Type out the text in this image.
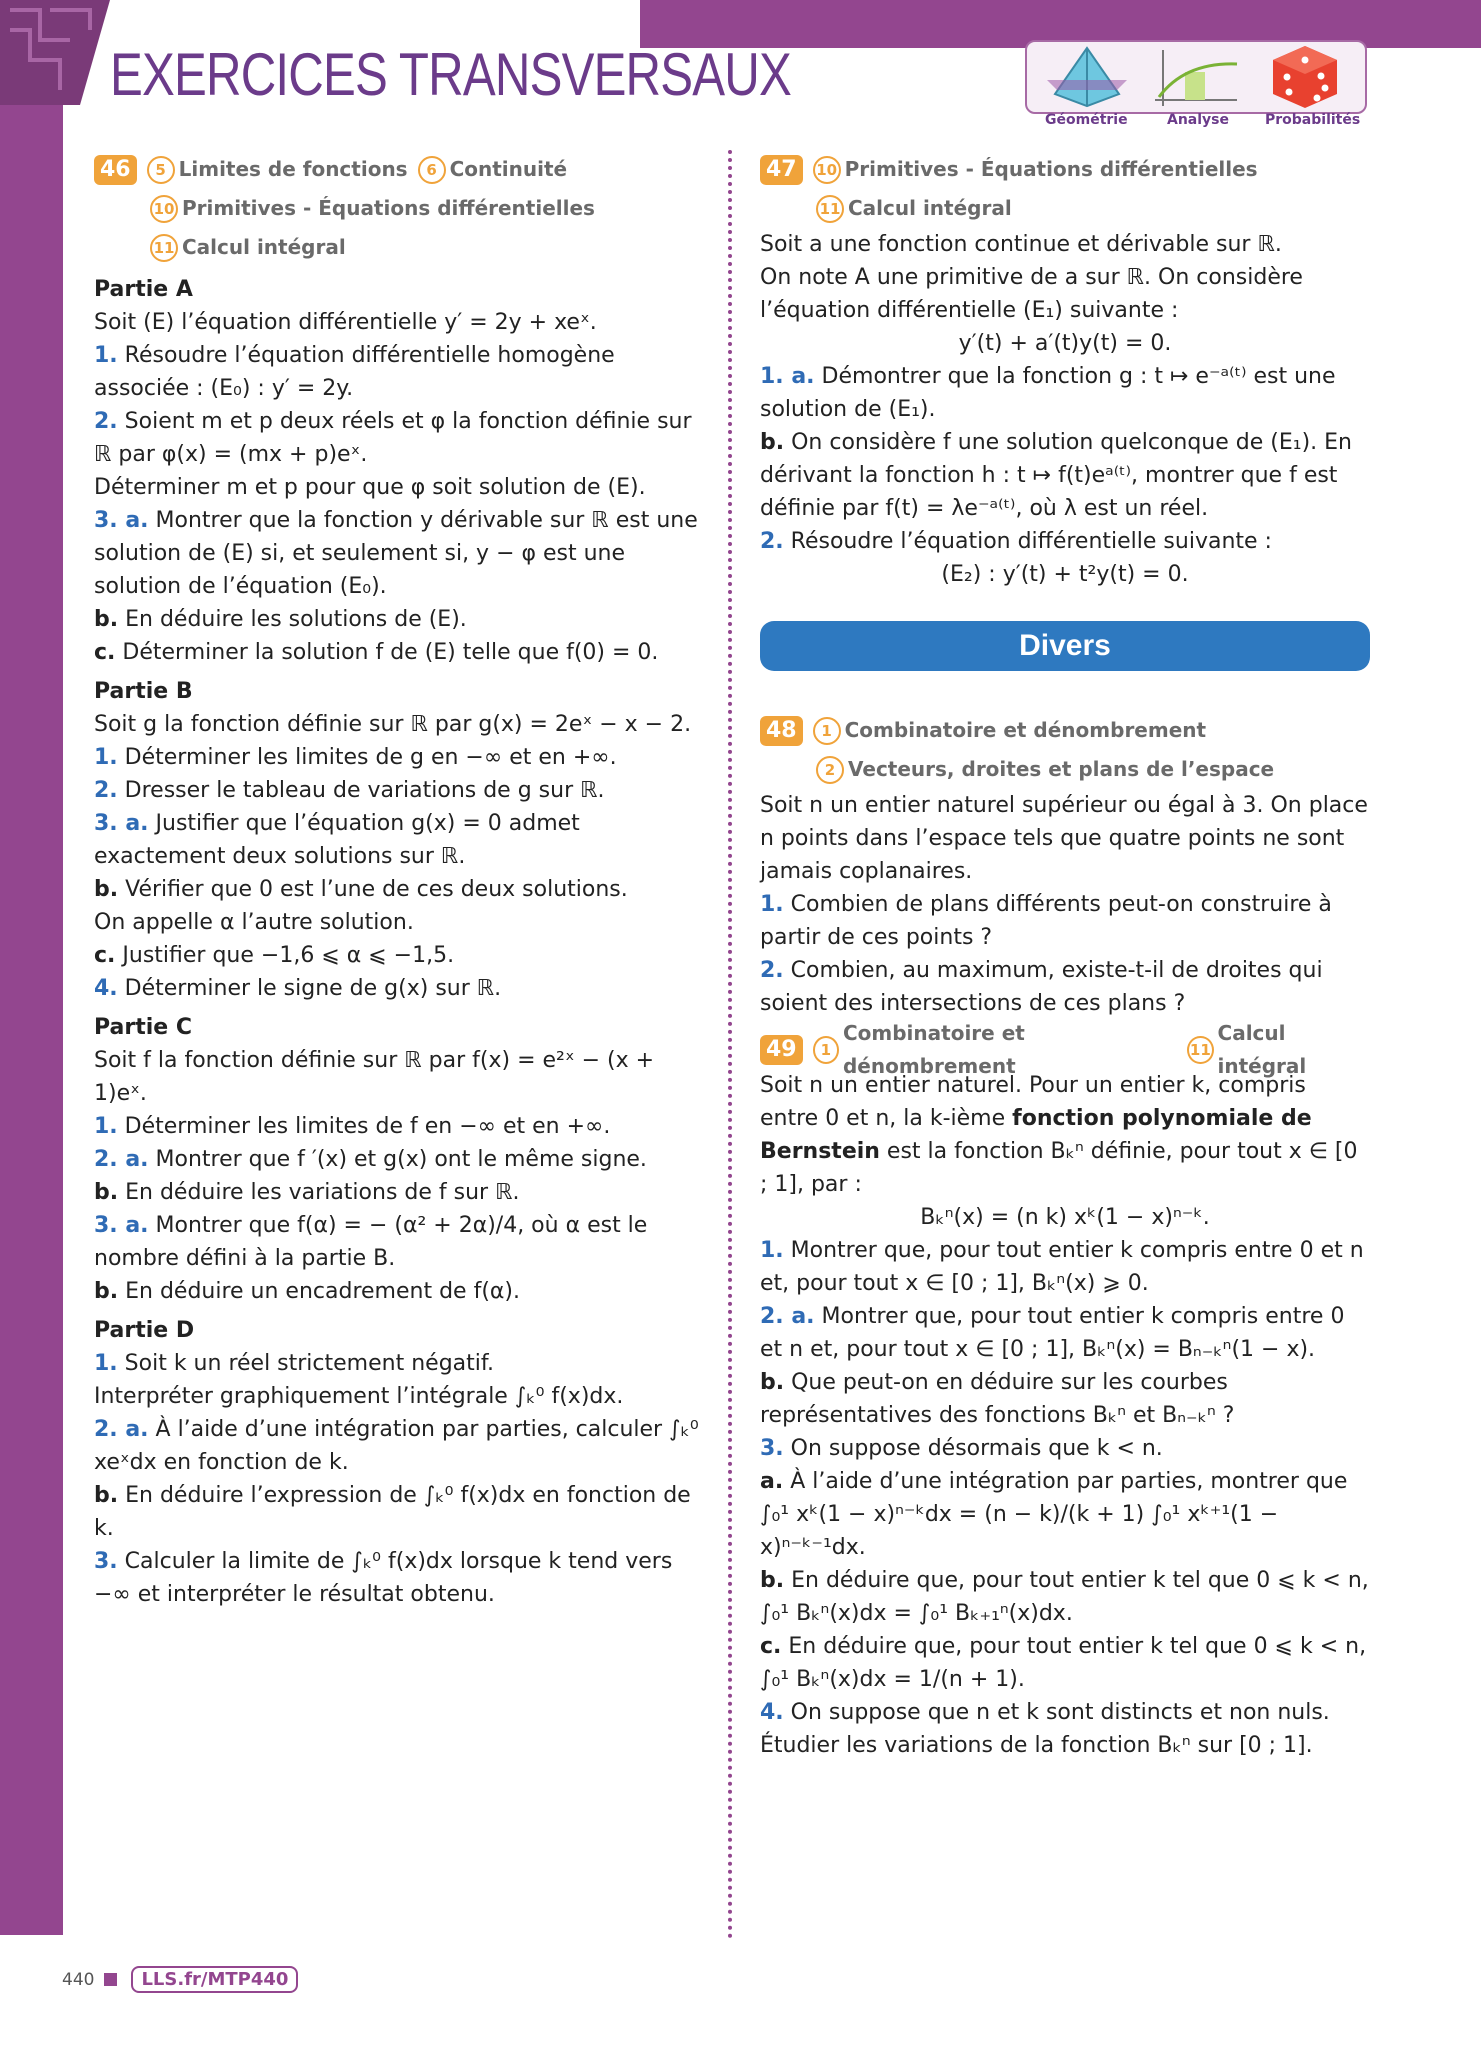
EXERCICES TRANSVERSAUX
Géométrie	Analyse	Probabilités
46	5 Limites de fonctions	6 Continuité
10 Primitives - Équations différentielles
11 Calcul intégral
Partie A

Soit (E) l’équation différentielle y′ = 2y + xeˣ.

1. Résoudre l’équation différentielle homogène associée : (E₀) : y′ = 2y.

2. Soient m et p deux réels et φ la fonction définie sur ℝ par φ(x) = (mx + p)eˣ.

Déterminer m et p pour que φ soit solution de (E).

3. a. Montrer que la fonction y dérivable sur ℝ est une solution de (E) si, et seulement si, y − φ est une solution de l’équation (E₀).

b. En déduire les solutions de (E).

c. Déterminer la solution f de (E) telle que f(0) = 0.

Partie B

Soit g la fonction définie sur ℝ par g(x) = 2eˣ − x − 2.

1. Déterminer les limites de g en −∞ et en +∞.

2. Dresser le tableau de variations de g sur ℝ.

3. a. Justifier que l’équation g(x) = 0 admet exactement deux solutions sur ℝ.

b. Vérifier que 0 est l’une de ces deux solutions.

On appelle α l’autre solution.

c. Justifier que −1,6 ⩽ α ⩽ −1,5.

4. Déterminer le signe de g(x) sur ℝ.

Partie C

Soit f la fonction définie sur ℝ par f(x) = e²ˣ − (x + 1)eˣ.

1. Déterminer les limites de f en −∞ et en +∞.

2. a. Montrer que f ′(x) et g(x) ont le même signe.

b. En déduire les variations de f sur ℝ.

3. a. Montrer que f(α) = − (α² + 2α)/4, où α est le nombre défini à la partie B.

b. En déduire un encadrement de f(α).

Partie D

1. Soit k un réel strictement négatif.

Interpréter graphiquement l’intégrale ∫ₖ⁰ f(x)dx.

2. a. À l’aide d’une intégration par parties, calculer ∫ₖ⁰ xeˣdx en fonction de k.

b. En déduire l’expression de ∫ₖ⁰ f(x)dx en fonction de k.

3. Calculer la limite de ∫ₖ⁰ f(x)dx lorsque k tend vers −∞ et interpréter le résultat obtenu.

47	10 Primitives - Équations différentielles
11 Calcul intégral

Soit a une fonction continue et dérivable sur ℝ.

On note A une primitive de a sur ℝ. On considère l’équation différentielle (E₁) suivante :

y′(t) + a′(t)y(t) = 0.

1. a. Démontrer que la fonction g : t ↦ e⁻ᵃ⁽ᵗ⁾ est une solution de (E₁).

b. On considère f une solution quelconque de (E₁). En dérivant la fonction h : t ↦ f(t)eᵃ⁽ᵗ⁾, montrer que f est définie par f(t) = λe⁻ᵃ⁽ᵗ⁾, où λ est un réel.

2. Résoudre l’équation différentielle suivante :

(E₂) : y′(t) + t²y(t) = 0.

Divers
48	1 Combinatoire et dénombrement
2 Vecteurs, droites et plans de l’espace

Soit n un entier naturel supérieur ou égal à 3. On place n points dans l’espace tels que quatre points ne sont jamais coplanaires.

1. Combien de plans différents peut-on construire à partir de ces points ?

2. Combien, au maximum, existe-t-il de droites qui soient des intersections de ces plans ?

49	1
Combinatoire et dénombrement
11
Calcul intégral

Soit n un entier naturel. Pour un entier k, compris entre 0 et n, la k-ième fonction polynomiale de Bernstein est la fonction Bₖⁿ définie, pour tout x ∈ [0 ; 1], par :

Bₖⁿ(x) = (n k) xᵏ(1 − x)ⁿ⁻ᵏ.

1. Montrer que, pour tout entier k compris entre 0 et n et, pour tout x ∈ [0 ; 1], Bₖⁿ(x) ⩾ 0.

2. a. Montrer que, pour tout entier k compris entre 0 et n et, pour tout x ∈ [0 ; 1], Bₖⁿ(x) = Bₙ₋ₖⁿ(1 − x).

b. Que peut-on en déduire sur les courbes représentatives des fonctions Bₖⁿ et Bₙ₋ₖⁿ ?

3. On suppose désormais que k < n.

a. À l’aide d’une intégration par parties, montrer que

∫₀¹ xᵏ(1 − x)ⁿ⁻ᵏdx = (n − k)/(k + 1) ∫₀¹ xᵏ⁺¹(1 − x)ⁿ⁻ᵏ⁻¹dx.

b. En déduire que, pour tout entier k tel que 0 ⩽ k < n,

∫₀¹ Bₖⁿ(x)dx = ∫₀¹ Bₖ₊₁ⁿ(x)dx.

c. En déduire que, pour tout entier k tel que 0 ⩽ k < n,

∫₀¹ Bₖⁿ(x)dx = 1/(n + 1).

4. On suppose que n et k sont distincts et non nuls. Étudier les variations de la fonction Bₖⁿ sur [0 ; 1].

440	LLS.fr/MTP440
